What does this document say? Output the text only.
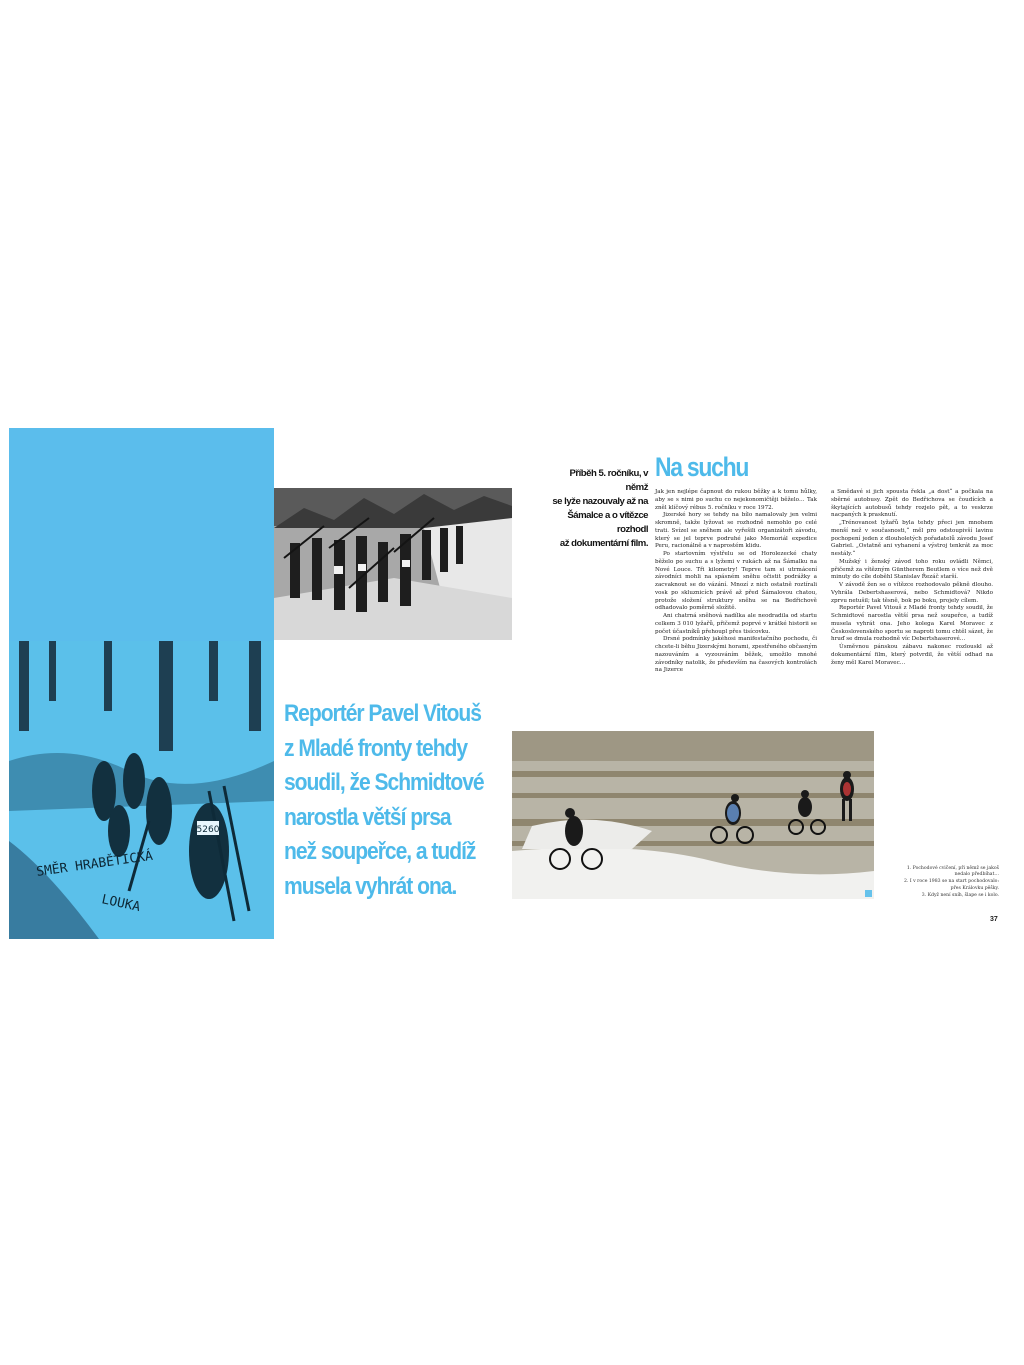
5260
SMĚR HRABĚTICKÁ
LOUKA
Reportér Pavel Vitouš
z Mladé fronty tehdy
soudil, že Schmidtové
narostla větší prsa
než soupeřce, a tudíž
musela vyhrát ona.
Příběh 5. ročníku, v němž
se lyže nazouvaly až na
Šámalce a o vítězce rozhodl
až dokumentární film.
Na suchu

Jak jen nejlépe čapnout do rukou běžky a k tomu hůlky, aby se s nimi po suchu co nejekonomičtěji běželo… Tak zněl klíčový rébus 5. ročníku v roce 1972.

Jizerské hory se tehdy na bílo namalovaly jen velmi skromně, takže lyžovat se rozhodně nemohlo po celé trati. Svízel se sněhem ale vyřešili organizátoři závodu, který se jel teprve podruhé jako Memoriál expedice Peru, racionálně a v naprostém klidu.

Po startovním výstřelu se od Horolezecké chaty běželo po suchu a s lyžemi v rukách až na Šámalku na Nové Louce. Tři kilometry! Teprve tam si utrmácení závodníci mohli na spásném sněhu očistit podrážky a zacvaknout se do vázání. Mnozí z nich ostatně roztírali vosk po skluznicích právě až před Šámalovou chatou, protože složení struktury sněhu se na Bedřichově odhadovalo poměrně složitě.

Ani chatrná sněhová nadílka ale neodradila od startu celkem 3 010 lyžařů, přičemž poprvé v krátké historii se počet účastníků přehoupl přes tisícovku.

Drsné podmínky jakéhosi manifestačního pochodu, či chcete-li běhu Jizerskými horami, zpestřeného občasným nazouváním a vyzouváním běžek, umožilo mnohé závodníky natolik, že především na časových kontrolách na Jizerce

a Smědavé si jich spousta řekla „a dost“ a počkala na sběrné autobusy. Zpět do Bedřichova se čoudících a škytajících autobusů tehdy rozjelo pět, a to veskrze nacpaných k prasknutí.

„Trénovanost lyžařů byla tehdy přeci jen mnohem menší než v současnosti,“ měl pro odstoupivší lavinu pochopení jeden z dlouholetých pořadatelů závodu Josef Gabriel. „Ostatně ani vyhanení a výstroj tenkrát za moc nestály.“

Mužský i ženský závod toho roku ovládli Němci, přičemž za vítězným Güntherem Beutlem o více než dvě minuty do cíle doběhl Stanislav Řezáč starší.

V závodě žen se o vítězce rozhodovalo pěkně dlouho. Vyhrála Debertshaserová, nebo Schmidtová? Nikdo zprvu netušil; tak těsně, bok po boku, projely cílem.

Reportér Pavel Vitouš z Mladé fronty tehdy soudil, že Schmidtové narostla větší prsa než soupeřce, a tudíž musela vyhrát ona. Jeho kolega Karel Moravec z Československého sportu se naproti tomu chtěl sázet, že hruď se dmula rozhodně víc Debertshaserové…

Úsměvnou pánskou zábavu nakonec rozlouskl až dokumentární film, který potvrdil, že větší odhad na ženy měl Karel Moravec…

1. Pochodové cvičení, při němž se jakoš nedalo předbíhat…
2. I v roce 1983 se na start pochodovalo: přes Královku pěšky.
3. Když není sníh, šlape se i kolo.
37
